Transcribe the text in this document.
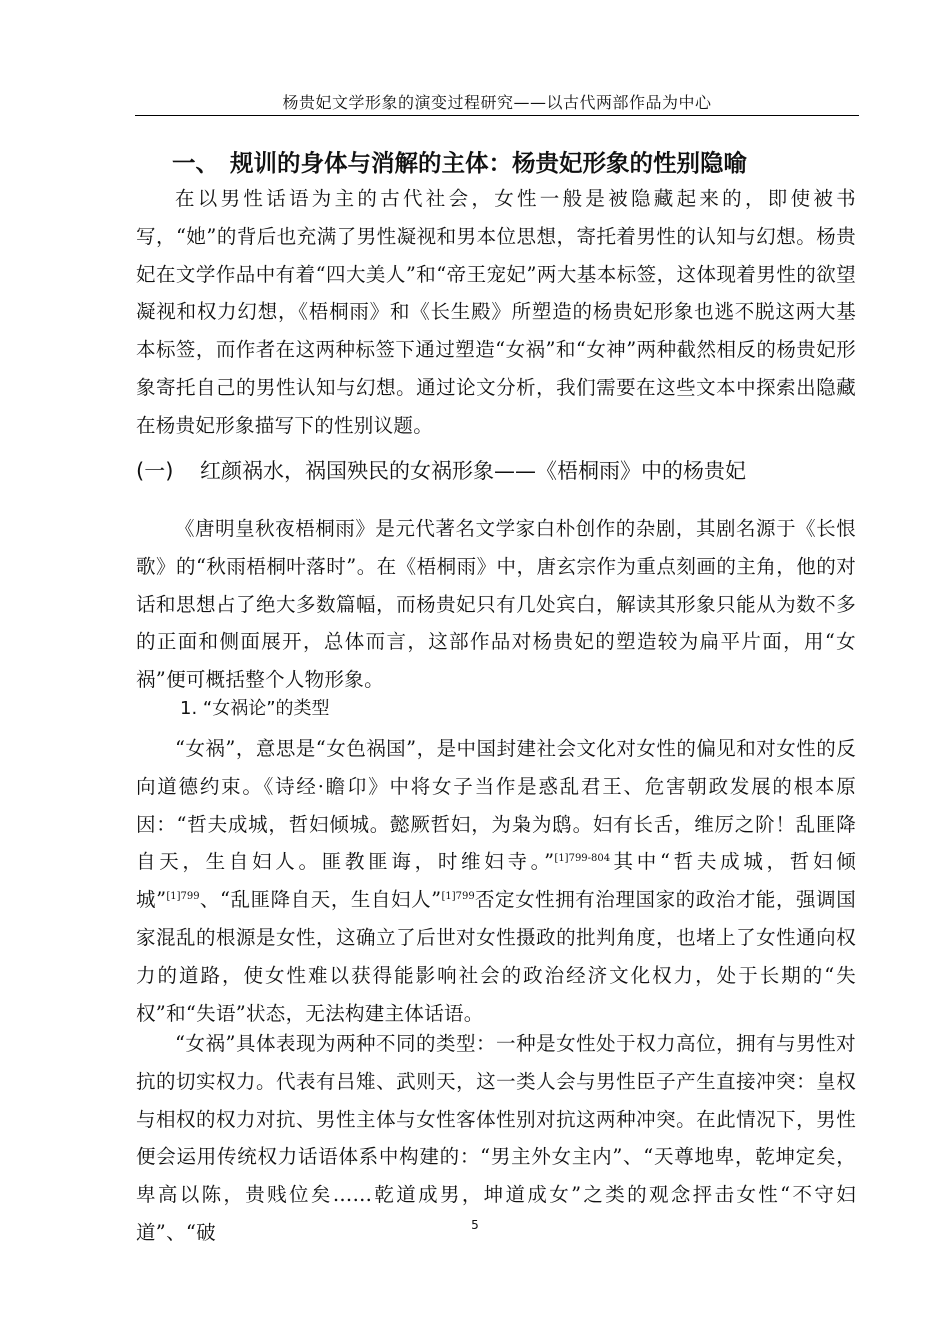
杨贵妃文学形象的演变过程研究——以古代两部作品为中心
一、 规训的身体与消解的主体：杨贵妃形象的性别隐喻

在以男性话语为主的古代社会，女性一般是被隐藏起来的，即使被书写，“她”的背后也充满了男性凝视和男本位思想，寄托着男性的认知与幻想。杨贵妃在文学作品中有着“四大美人”和“帝王宠妃”两大基本标签，这体现着男性的欲望凝视和权力幻想，《梧桐雨》和《长生殿》所塑造的杨贵妃形象也逃不脱这两大基本标签，而作者在这两种标签下通过塑造“女祸”和“女神”两种截然相反的杨贵妃形象寄托自己的男性认知与幻想。通过论文分析，我们需要在这些文本中探索出隐藏在杨贵妃形象描写下的性别议题。

(一) 红颜祸水，祸国殃民的女祸形象——《梧桐雨》中的杨贵妃

《唐明皇秋夜梧桐雨》是元代著名文学家白朴创作的杂剧，其剧名源于《长恨歌》的“秋雨梧桐叶落时”。在《梧桐雨》中，唐玄宗作为重点刻画的主角，他的对话和思想占了绝大多数篇幅，而杨贵妃只有几处宾白，解读其形象只能从为数不多的正面和侧面展开，总体而言，这部作品对杨贵妃的塑造较为扁平片面，用“女祸”便可概括整个人物形象。

1. “女祸论”的类型

“女祸”，意思是“女色祸国”，是中国封建社会文化对女性的偏见和对女性的反向道德约束。《诗经·瞻卬》中将女子当作是惑乱君王、危害朝政发展的根本原因：“哲夫成城，哲妇倾城。懿厥哲妇，为枭为鸱。妇有长舌，维厉之阶！乱匪降自天，生自妇人。匪教匪诲，时维妇寺。”$^{[1]799-804}$其中“哲夫成城，哲妇倾城”$^{[1]799}$、“乱匪降自天，生自妇人”$^{[1]799}$否定女性拥有治理国家的政治才能，强调国家混乱的根源是女性，这确立了后世对女性摄政的批判角度，也堵上了女性通向权力的道路，使女性难以获得能影响社会的政治经济文化权力，处于长期的“失权”和“失语”状态，无法构建主体话语。

“女祸”具体表现为两种不同的类型：一种是女性处于权力高位，拥有与男性对抗的切实权力。代表有吕雉、武则天，这一类人会与男性臣子产生直接冲突：皇权与相权的权力对抗、男性主体与女性客体性别对抗这两种冲突。在此情况下，男性便会运用传统权力话语体系中构建的：“男主外女主内”、“天尊地卑，乾坤定矣，卑高以陈，贵贱位矣……乾道成男，坤道成女”之类的观念抨击女性“不守妇道”、“破	5
